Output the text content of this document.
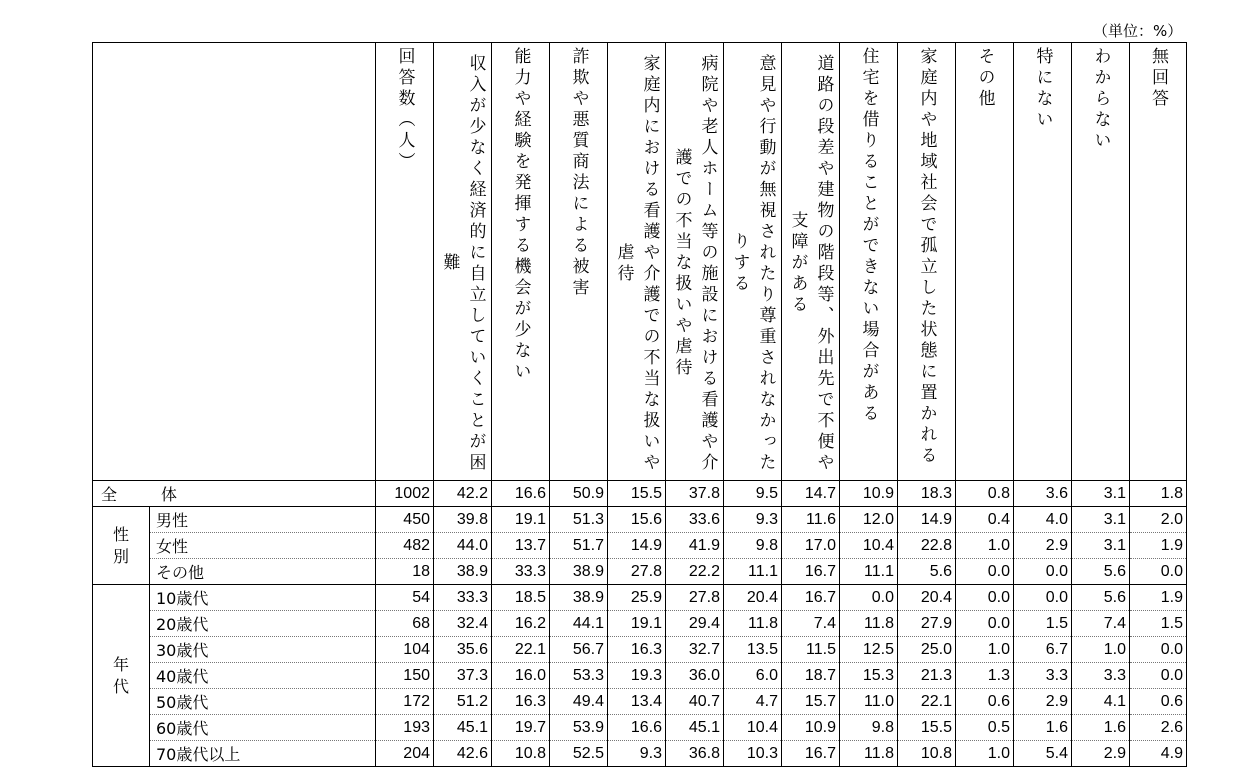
（単位：%）

		回答数（人）	収入が少なく経済的に自立していくことが困難	能力や経験を発揮する機会が少ない	詐欺や悪質商法による被害	家庭内における看護や介護での不当な扱いや虐待	病院や老人ホーム等の施設における看護や介護での不当な扱いや虐待	意見や行動が無視されたり尊重されなかったりする	道路の段差や建物の階段等、外出先で不便や支障がある	住宅を借りることができない場合がある	家庭内や地域社会で孤立した状態に置かれる	その他	特にない	わからない	無回答

全　体		1002	42.2	16.6	50.9	15.5	37.8	9.5	14.7	10.9	18.3	0.8	3.6	3.1	1.8

性別	男性	450	39.8	19.1	51.3	15.6	33.6	9.3	11.6	12.0	14.9	0.4	4.0	3.1	2.0
	女性	482	44.0	13.7	51.7	14.9	41.9	9.8	17.0	10.4	22.8	1.0	2.9	3.1	1.9
	その他	18	38.9	33.3	38.9	27.8	22.2	11.1	16.7	11.1	5.6	0.0	0.0	5.6	0.0

年代	10歳代	54	33.3	18.5	38.9	25.9	27.8	20.4	16.7	0.0	20.4	0.0	0.0	5.6	1.9
	20歳代	68	32.4	16.2	44.1	19.1	29.4	11.8	7.4	11.8	27.9	0.0	1.5	7.4	1.5
	30歳代	104	35.6	22.1	56.7	16.3	32.7	13.5	11.5	12.5	25.0	1.0	6.7	1.0	0.0
	40歳代	150	37.3	16.0	53.3	19.3	36.0	6.0	18.7	15.3	21.3	1.3	3.3	3.3	0.0
	50歳代	172	51.2	16.3	49.4	13.4	40.7	4.7	15.7	11.0	22.1	0.6	2.9	4.1	0.6
	60歳代	193	45.1	19.7	53.9	16.6	45.1	10.4	10.9	9.8	15.5	0.5	1.6	1.6	2.6
	70歳代以上	204	42.6	10.8	52.5	9.3	36.8	10.3	16.7	11.8	10.8	1.0	5.4	2.9	4.9
